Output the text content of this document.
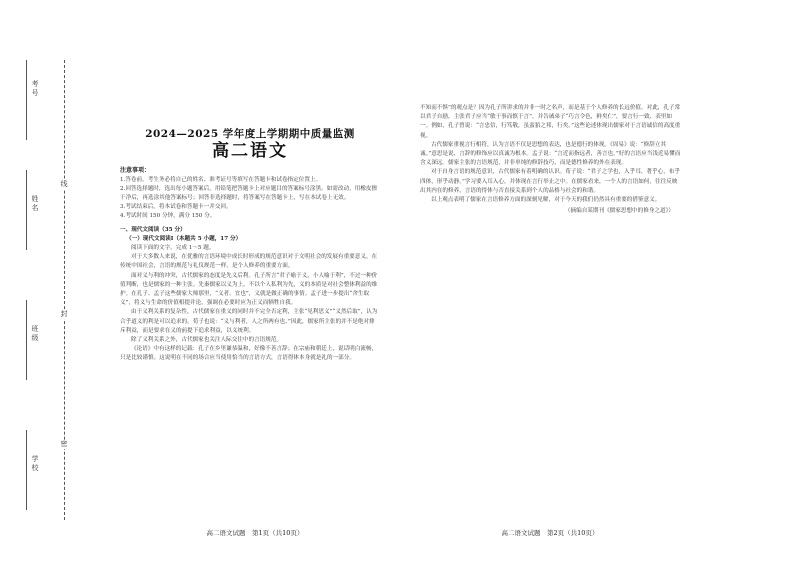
线
封
密
考号
姓名
班级
学校
2024—2025 学年度上学期期中质量监测
高二语文
注意事项：

1.答卷前，考生务必将自己的姓名、准考证号等填写在答题卡和试卷指定位置上。

2.回答选择题时，选出每小题答案后，用铅笔把答题卡上对应题目的答案标号涂黑。如需改动，用橡皮擦干净后，再选涂其他答案标号；回答非选择题时，将答案写在答题卡上，写在本试卷上无效。

3.考试结束后，将本试卷和答题卡一并交回。

4.考试时间 150 分钟，满分 150 分。

一、现代文阅读（35 分）
（一）现代文阅读Ⅰ（本题共 5 小题，17 分）

阅读下面的文字，完成 1～5 题。

对于大多数人来说，在优雅的言语环境中成长时形成的规范意识对于文明社会的发展有重要意义。在传统中国社会，言语的规范与礼仪规范一样，是个人修养的重要方面。

面对义与利的冲突，古代儒家的态度是先义后利。孔子所言“君子喻于义，小人喻于利”，不过一种价值判断，也是儒家的一种主张。先秦儒家以义为上，不以个人私利为先，义的本质是对社会整体利益的维护。在孔子、孟子这些儒家大师那里，“义者，宜也”，义就是做正确的事情。孟子进一步提出“舍生取义”，将义与生命的价值相提并论，强调在必要时应为正义而牺牲自我。

由于义利关系的复杂性，古代儒家在重义的同时并不完全否定利，主张“见利思义”“义然后取”，认为合乎道义的利是可以追求的。荀子也说：“义与利者，人之所两有也。”因此，儒家所主张的并不是绝对排斥利益，而是要求在义的前提下追求利益，以义统利。

除了义利关系之外，古代儒家也关注人际交往中的言语规范。

《论语》中有这样的记载：孔子在乡里谦恭温和，好像不善言辞；在宗庙和朝廷上，说话明白流畅，只是比较谨慎。这说明在不同的场合应当使用恰当的言语方式，言语得体本身就是礼的一部分。

不知而不惧”的观点是？因为孔子所讲求的并非一时之名声，而是基于个人修养的长远价值。对此，孔子常以君子自励，主张君子应当“敏于事而慎于言”，并告诫弟子“巧言令色，鲜矣仁”，要言行一致、表里如一。例如，孔子曾说：“言忠信，行笃敬，虽蛮貊之邦，行矣。”这些论述体现出儒家对于言语诚信的高度重视。

古代儒家重视言行相符，认为言语不仅是思想的表达，也是德行的体现。《周易》说：“修辞立其诚。”意思是说，言辞的修饰应以真诚为根本。孟子说：“言近而指远者，善言也。”好的言语应当浅近易懂而含义深远。儒家主张的言语规范，并非单纯的修辞技巧，而是德性修养的外在表现。

对于自身言语的规范意识，古代儒家有着明确的认识。荀子说：“君子之学也，入乎耳，著乎心，布乎四体，形乎动静。”学习要入耳入心，并体现在言行举止之中。在儒家看来，一个人的言语如何，往往反映出其内在的修养，言语的得体与否直接关系到个人的品格与社会的和谐。

以上观点表明了儒家在言语修养方面的深刻见解，对于今天的我们仍然具有重要的借鉴意义。

（摘编自某期刊《儒家思想中的修身之道》）
高二语文试题　第1页（共10页）	高二语文试题　第2页（共10页）
